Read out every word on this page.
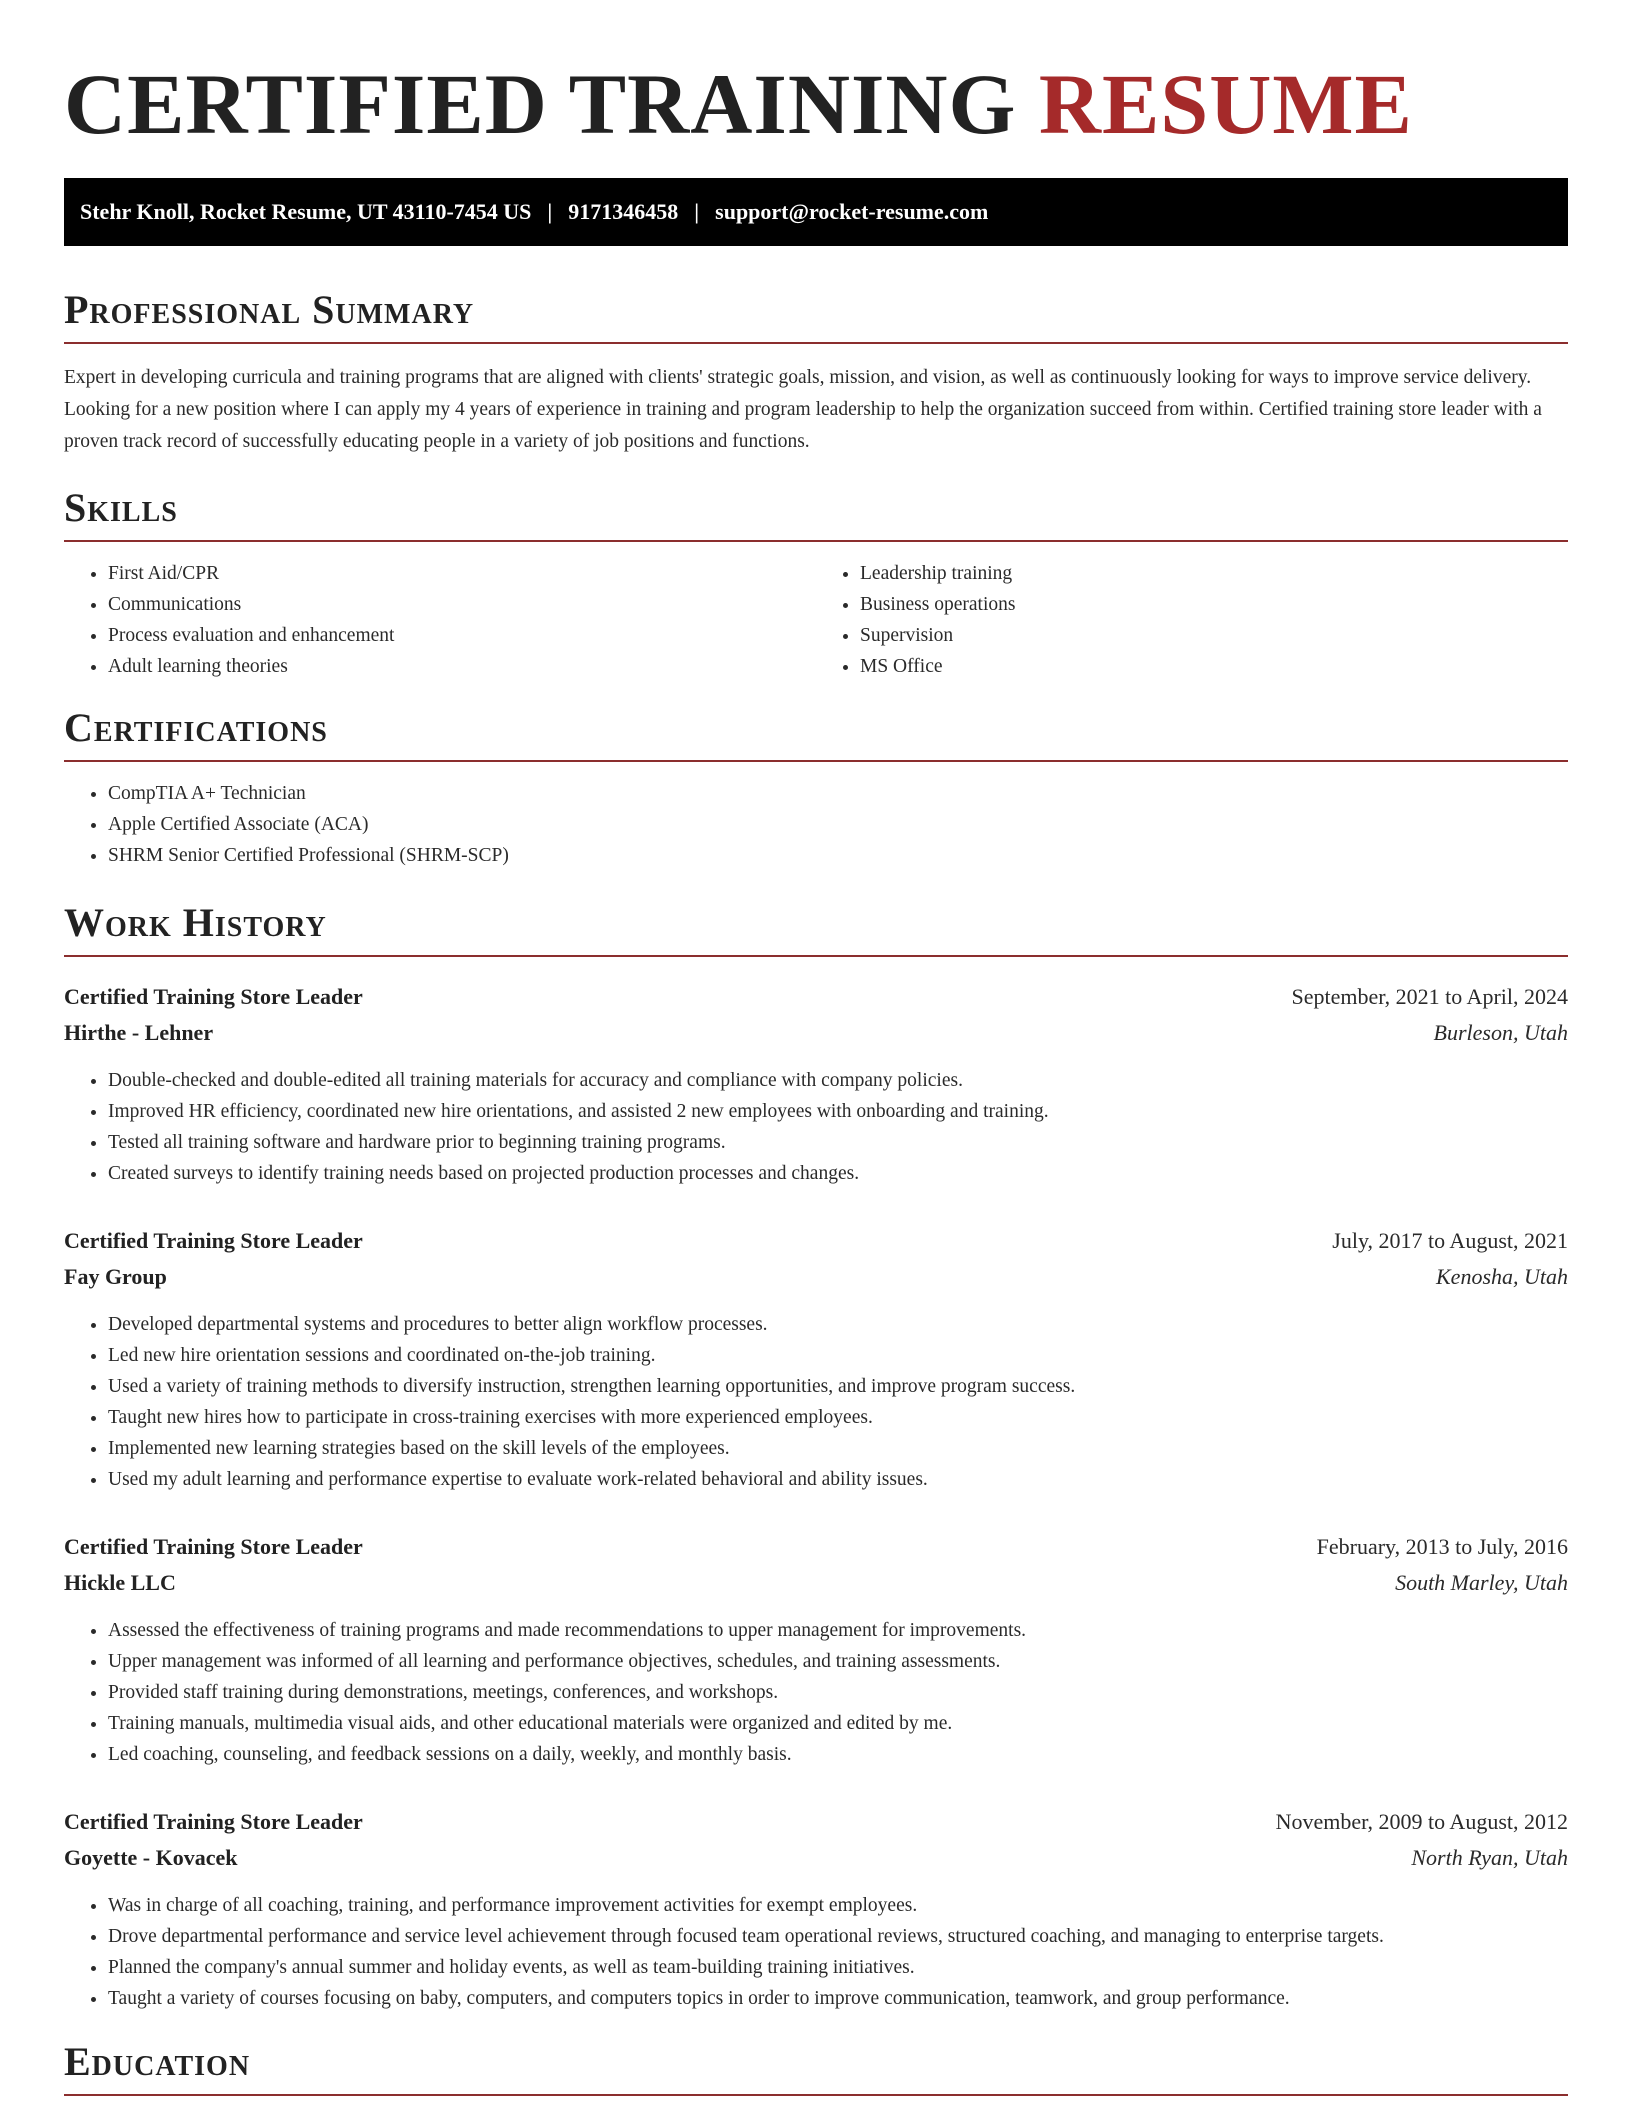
CERTIFIED TRAINING RESUME
Stehr Knoll, Rocket Resume, UT 43110-7454 US | 9171346458 | support@rocket-resume.com
Professional Summary

Expert in developing curricula and training programs that are aligned with clients' strategic goals, mission, and vision, as well as continuously looking for ways to improve service delivery. Looking for a new position where I can apply my 4 years of experience in training and program leadership to help the organization succeed from within. Certified training store leader with a proven track record of successfully educating people in a variety of job positions and functions.

Skills
• First Aid/CPR
• Communications
• Process evaluation and enhancement
• Adult learning theories
• Leadership training
• Business operations
• Supervision
• MS Office
Certifications
• CompTIA A+ Technician
• Apple Certified Associate (ACA)
• SHRM Senior Certified Professional (SHRM-SCP)
Work History
Certified Training Store Leader	September, 2021 to April, 2024
Hirthe - Lehner	Burleson, Utah
• Double-checked and double-edited all training materials for accuracy and compliance with company policies.
• Improved HR efficiency, coordinated new hire orientations, and assisted 2 new employees with onboarding and training.
• Tested all training software and hardware prior to beginning training programs.
• Created surveys to identify training needs based on projected production processes and changes.
Certified Training Store Leader	July, 2017 to August, 2021
Fay Group	Kenosha, Utah
• Developed departmental systems and procedures to better align workflow processes.
• Led new hire orientation sessions and coordinated on-the-job training.
• Used a variety of training methods to diversify instruction, strengthen learning opportunities, and improve program success.
• Taught new hires how to participate in cross-training exercises with more experienced employees.
• Implemented new learning strategies based on the skill levels of the employees.
• Used my adult learning and performance expertise to evaluate work-related behavioral and ability issues.
Certified Training Store Leader	February, 2013 to July, 2016
Hickle LLC	South Marley, Utah
• Assessed the effectiveness of training programs and made recommendations to upper management for improvements.
• Upper management was informed of all learning and performance objectives, schedules, and training assessments.
• Provided staff training during demonstrations, meetings, conferences, and workshops.
• Training manuals, multimedia visual aids, and other educational materials were organized and edited by me.
• Led coaching, counseling, and feedback sessions on a daily, weekly, and monthly basis.
Certified Training Store Leader	November, 2009 to August, 2012
Goyette - Kovacek	North Ryan, Utah
• Was in charge of all coaching, training, and performance improvement activities for exempt employees.
• Drove departmental performance and service level achievement through focused team operational reviews, structured coaching, and managing to enterprise targets.
• Planned the company's annual summer and holiday events, as well as team-building training initiatives.
• Taught a variety of courses focusing on baby, computers, and computers topics in order to improve communication, teamwork, and group performance.
Education
